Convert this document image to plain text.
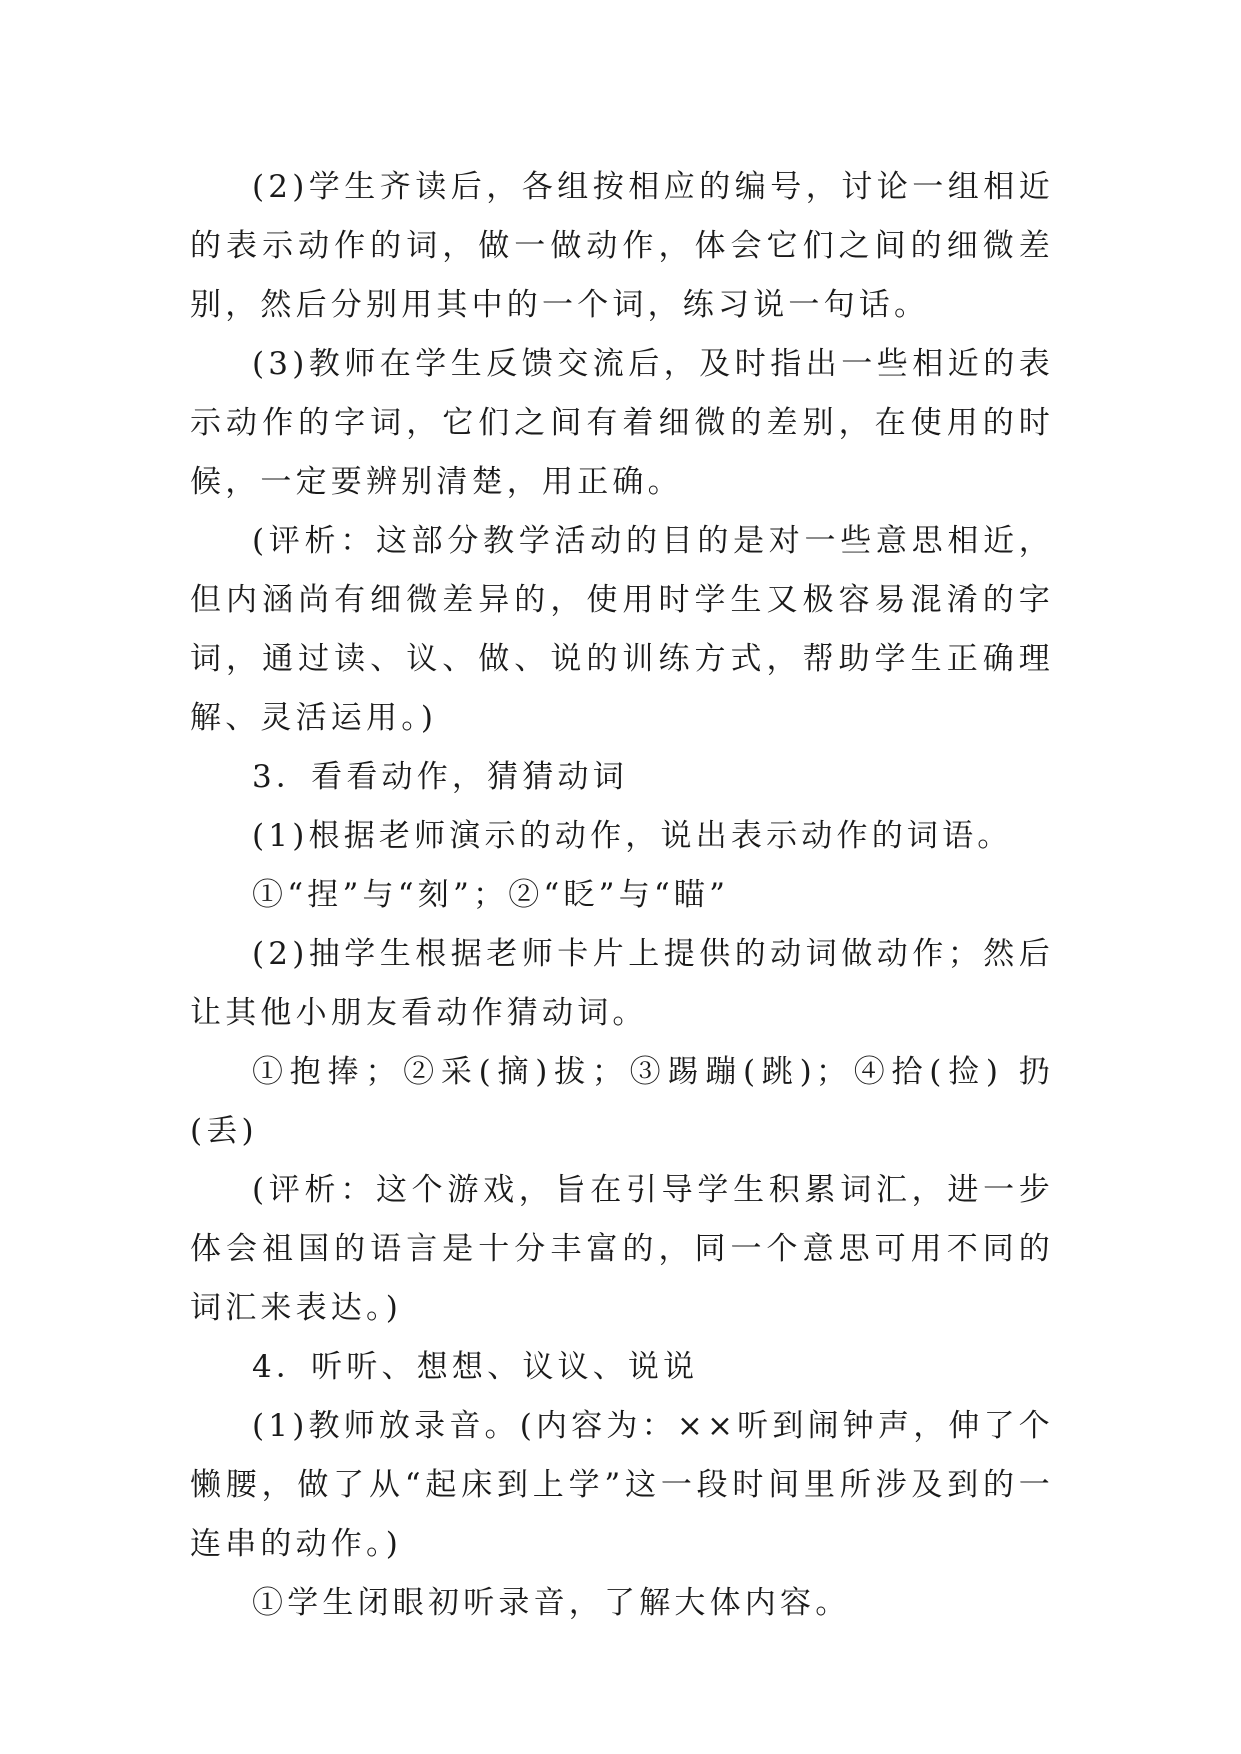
(2)学生齐读后，各组按相应的编号，讨论一组相近的表示动作的词，做一做动作，体会它们之间的细微差别，然后分别用其中的一个词，练习说一句话。

(3)教师在学生反馈交流后，及时指出一些相近的表示动作的字词，它们之间有着细微的差别，在使用的时候，一定要辨别清楚，用正确。

(评析：这部分教学活动的目的是对一些意思相近，但内涵尚有细微差异的，使用时学生又极容易混淆的字词，通过读、议、做、说的训练方式，帮助学生正确理解、灵活运用。)

3．看看动作，猜猜动词

(1)根据老师演示的动作，说出表示动作的词语。

①“捏”与“刻”；②“眨”与“瞄”

(2)抽学生根据老师卡片上提供的动词做动作；然后让其他小朋友看动作猜动词。

①抱捧；②采(摘)拔；③踢蹦(跳)；④拾(捡) 扔(丢)

(评析：这个游戏，旨在引导学生积累词汇，进一步体会祖国的语言是十分丰富的，同一个意思可用不同的词汇来表达。)

4．听听、想想、议议、说说

(1)教师放录音。(内容为：××听到闹钟声，伸了个懒腰，做了从“起床到上学”这一段时间里所涉及到的一连串的动作。)

①学生闭眼初听录音，了解大体内容。
